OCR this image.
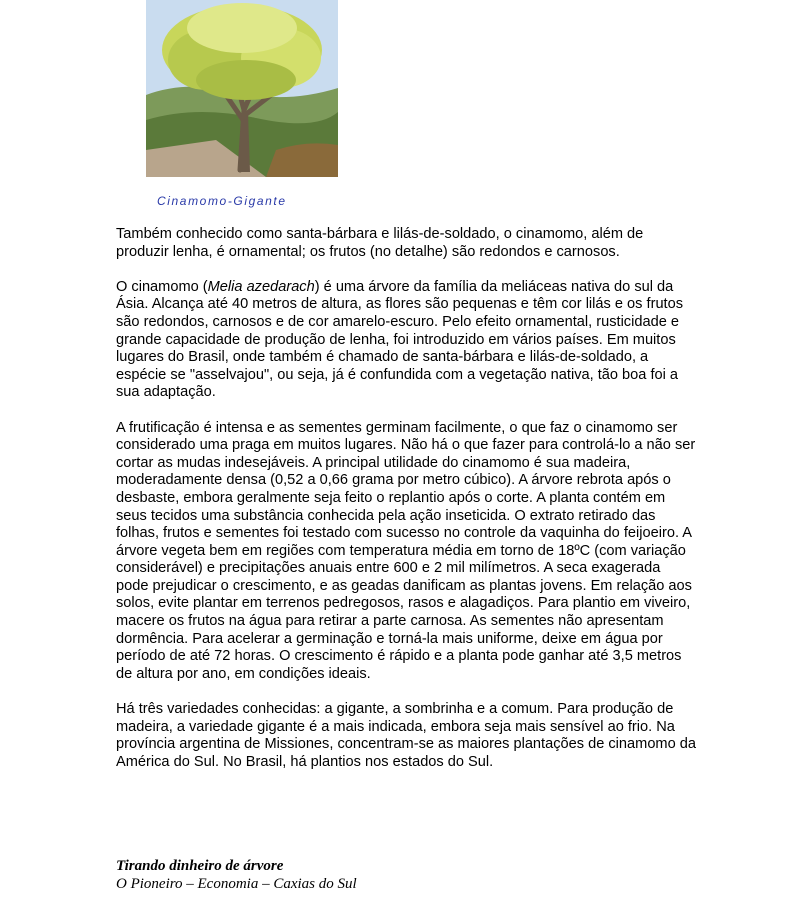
Cinamomo-Gigante

Também conhecido como santa-bárbara e lilás-de-soldado, o cinamomo, além de produzir lenha, é ornamental; os frutos (no detalhe) são redondos e carnosos.

O cinamomo (Melia azedarach) é uma árvore da família da meliáceas nativa do sul da Ásia. Alcança até 40 metros de altura, as flores são pequenas e têm cor lilás e os frutos são redondos, carnosos e de cor amarelo-escuro. Pelo efeito ornamental, rusticidade e grande capacidade de produção de lenha, foi introduzido em vários países. Em muitos lugares do Brasil, onde também é chamado de santa-bárbara e lilás-de-soldado, a espécie se "asselvajou", ou seja, já é confundida com a vegetação nativa, tão boa foi a sua adaptação.

A frutificação é intensa e as sementes germinam facilmente, o que faz o cinamomo ser considerado uma praga em muitos lugares. Não há o que fazer para controlá-lo a não ser cortar as mudas indesejáveis. A principal utilidade do cinamomo é sua madeira, moderadamente densa (0,52 a 0,66 grama por metro cúbico). A árvore rebrota após o desbaste, embora geralmente seja feito o replantio após o corte. A planta contém em seus tecidos uma substância conhecida pela ação inseticida. O extrato retirado das folhas, frutos e sementes foi testado com sucesso no controle da vaquinha do feijoeiro. A árvore vegeta bem em regiões com temperatura média em torno de 18ºC (com variação considerável) e precipitações anuais entre 600 e 2 mil milímetros. A seca exagerada pode prejudicar o crescimento, e as geadas danificam as plantas jovens. Em relação aos solos, evite plantar em terrenos pedregosos, rasos e alagadiços. Para plantio em viveiro, macere os frutos na água para retirar a parte carnosa. As sementes não apresentam dormência. Para acelerar a germinação e torná-la mais uniforme, deixe em água por período de até 72 horas. O crescimento é rápido e a planta pode ganhar até 3,5 metros de altura por ano, em condições ideais.

Há três variedades conhecidas: a gigante, a sombrinha e a comum. Para produção de madeira, a variedade gigante é a mais indicada, embora seja mais sensível ao frio. Na província argentina de Missiones, concentram-se as maiores plantações de cinamomo da América do Sul. No Brasil, há plantios nos estados do Sul.

Tirando dinheiro de árvore
O Pioneiro – Economia – Caxias do Sul
